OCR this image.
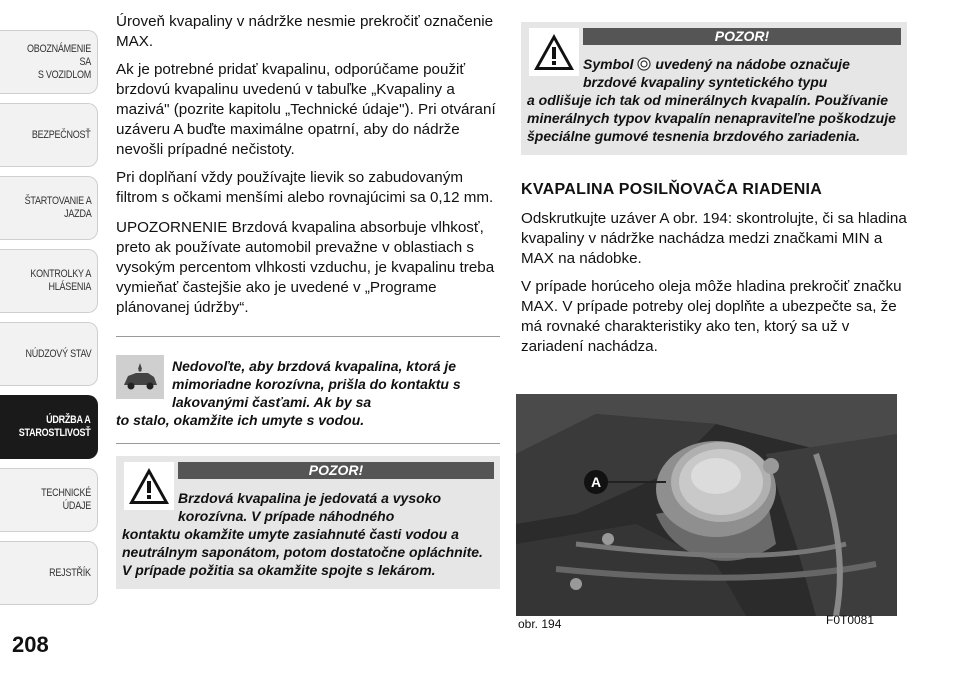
OBOZNÁMENIE SA
S VOZIDLOM
BEZPEČNOSŤ
ŠTARTOVANIE A
JAZDA
KONTROLKY A
HLÁSENIA
NÚDZOVÝ STAV
ÚDRŽBA A
STAROSTLIVOSŤ
TECHNICKÉ ÚDAJE
REJSTŘÍK
208

Úroveň kvapaliny v nádržke nesmie prekročiť označenie MAX.

Ak je potrebné pridať kvapalinu, odporúčame použiť brzdovú kvapalinu uvedenú v tabuľke „Kvapaliny a mazivá" (pozrite kapitolu „Technické údaje"). Pri otváraní uzáveru A buďte maximálne opatrní, aby do nádrže nevošli prípadné nečistoty.

Pri doplňaní vždy používajte lievik so zabudovaným filtrom s očkami menšími alebo rovnajúcimi sa 0,12 mm.

UPOZORNENIE Brzdová kvapalina absorbuje vlhkosť, preto ak používate automobil prevažne v oblastiach s vysokým percentom vlhkosti vzduchu, je kvapalinu treba vymieňať častejšie ako je uvedené v „Programe plánovanej údržby“.

Nedovoľte, aby brzdová kvapalina, ktorá je mimoriadne korozívna, prišla do kontaktu s lakovanými časťami. Ak by sa
to stalo, okamžite ich umyte s vodou.
POZOR!
Brzdová kvapalina je jedovatá a vysoko korozívna. V prípade náhodného
kontaktu okamžite umyte zasiahnuté časti vodou a neutrálnym saponátom, potom dostatočne opláchnite. V prípade požitia sa okamžite spojte s lekárom.
POZOR!
Symbol uvedený na nádobe označuje
brzdové kvapaliny syntetického typu
a odlišuje ich tak od minerálnych kvapalín. Používanie minerálnych typov kvapalín nenapraviteľne poškodzuje špeciálne gumové tesnenia brzdového zariadenia.
KVAPALINA POSILŇOVAČA RIADENIA

Odskrutkujte uzáver A obr. 194: skontrolujte, či sa hladina kvapaliny v nádržke nachádza medzi značkami MIN a MAX na nádobke.

V prípade horúceho oleja môže hladina prekročiť značku MAX. V prípade potreby olej doplňte a ubezpečte sa, že má rovnaké charakteristiky ako ten, ktorý sa už v zariadení nachádza.

A
obr. 194	F0T0081
